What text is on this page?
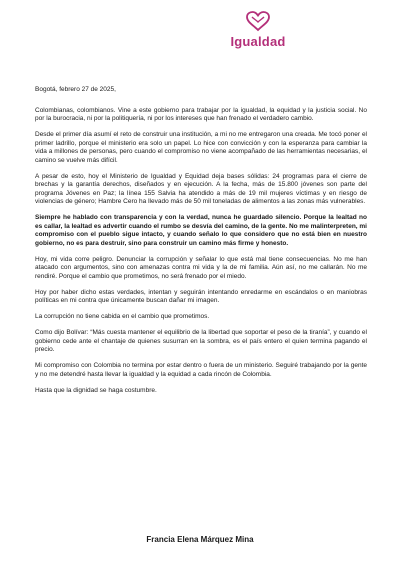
Igualdad

Bogotá, febrero 27 de 2025,

Colombianas, colombianos. Vine a este gobierno para trabajar por la igualdad, la equidad y la justicia social. No por la burocracia, ni por la politiquería, ni por los intereses que han frenado el verdadero cambio.

Desde el primer día asumí el reto de construir una institución, a mi no me entregaron una creada. Me tocó poner el primer ladrillo, porque el ministerio era solo un papel. Lo hice con convicción y con la esperanza para cambiar la vida a millones de personas, pero cuando el compromiso no viene acompañado de las herramientas necesarias, el camino se vuelve más difícil.

A pesar de esto, hoy el Ministerio de Igualdad y Equidad deja bases sólidas: 24 programas para el cierre de brechas y la garantía derechos, diseñados y en ejecución. A la fecha, más de 15.800 jóvenes son parte del programa Jóvenes en Paz; la línea 155 Salvia ha atendido a más de 19 mil mujeres víctimas y en riesgo de violencias de género; Hambre Cero ha llevado más de 50 mil toneladas de alimentos a las zonas más vulnerables.

Siempre he hablado con transparencia y con la verdad, nunca he guardado silencio. Porque la lealtad no es callar, la lealtad es advertir cuando el rumbo se desvía del camino, de la gente. No me malinterpreten, mi compromiso con el pueblo sigue intacto, y cuando señalo lo que considero que no está bien en nuestro gobierno, no es para destruir, sino para construir un camino más firme y honesto.

Hoy, mi vida corre peligro. Denunciar la corrupción y señalar lo que está mal tiene consecuencias. No me han atacado con argumentos, sino con amenazas contra mi vida y la de mi familia. Aún así, no me callarán. No me rendiré. Porque el cambio que prometimos, no será frenado por el miedo.

Hoy por haber dicho estas verdades, intentan y seguirán intentando enredarme en escándalos o en maniobras políticas en mi contra que únicamente buscan dañar mi imagen.

La corrupción no tiene cabida en el cambio que prometimos.

Como dijo Bolívar: “Más cuesta mantener el equilibrio de la libertad que soportar el peso de la tiranía”, y cuando el gobierno cede ante el chantaje de quienes susurran en la sombra, es el país entero el quien termina pagando el precio.

Mi compromiso con Colombia no termina por estar dentro o fuera de un ministerio. Seguiré trabajando por la gente y no me detendré hasta llevar la igualdad y la equidad a cada rincón de Colombia.

Hasta que la dignidad se haga costumbre.

Francia Elena Márquez Mina
